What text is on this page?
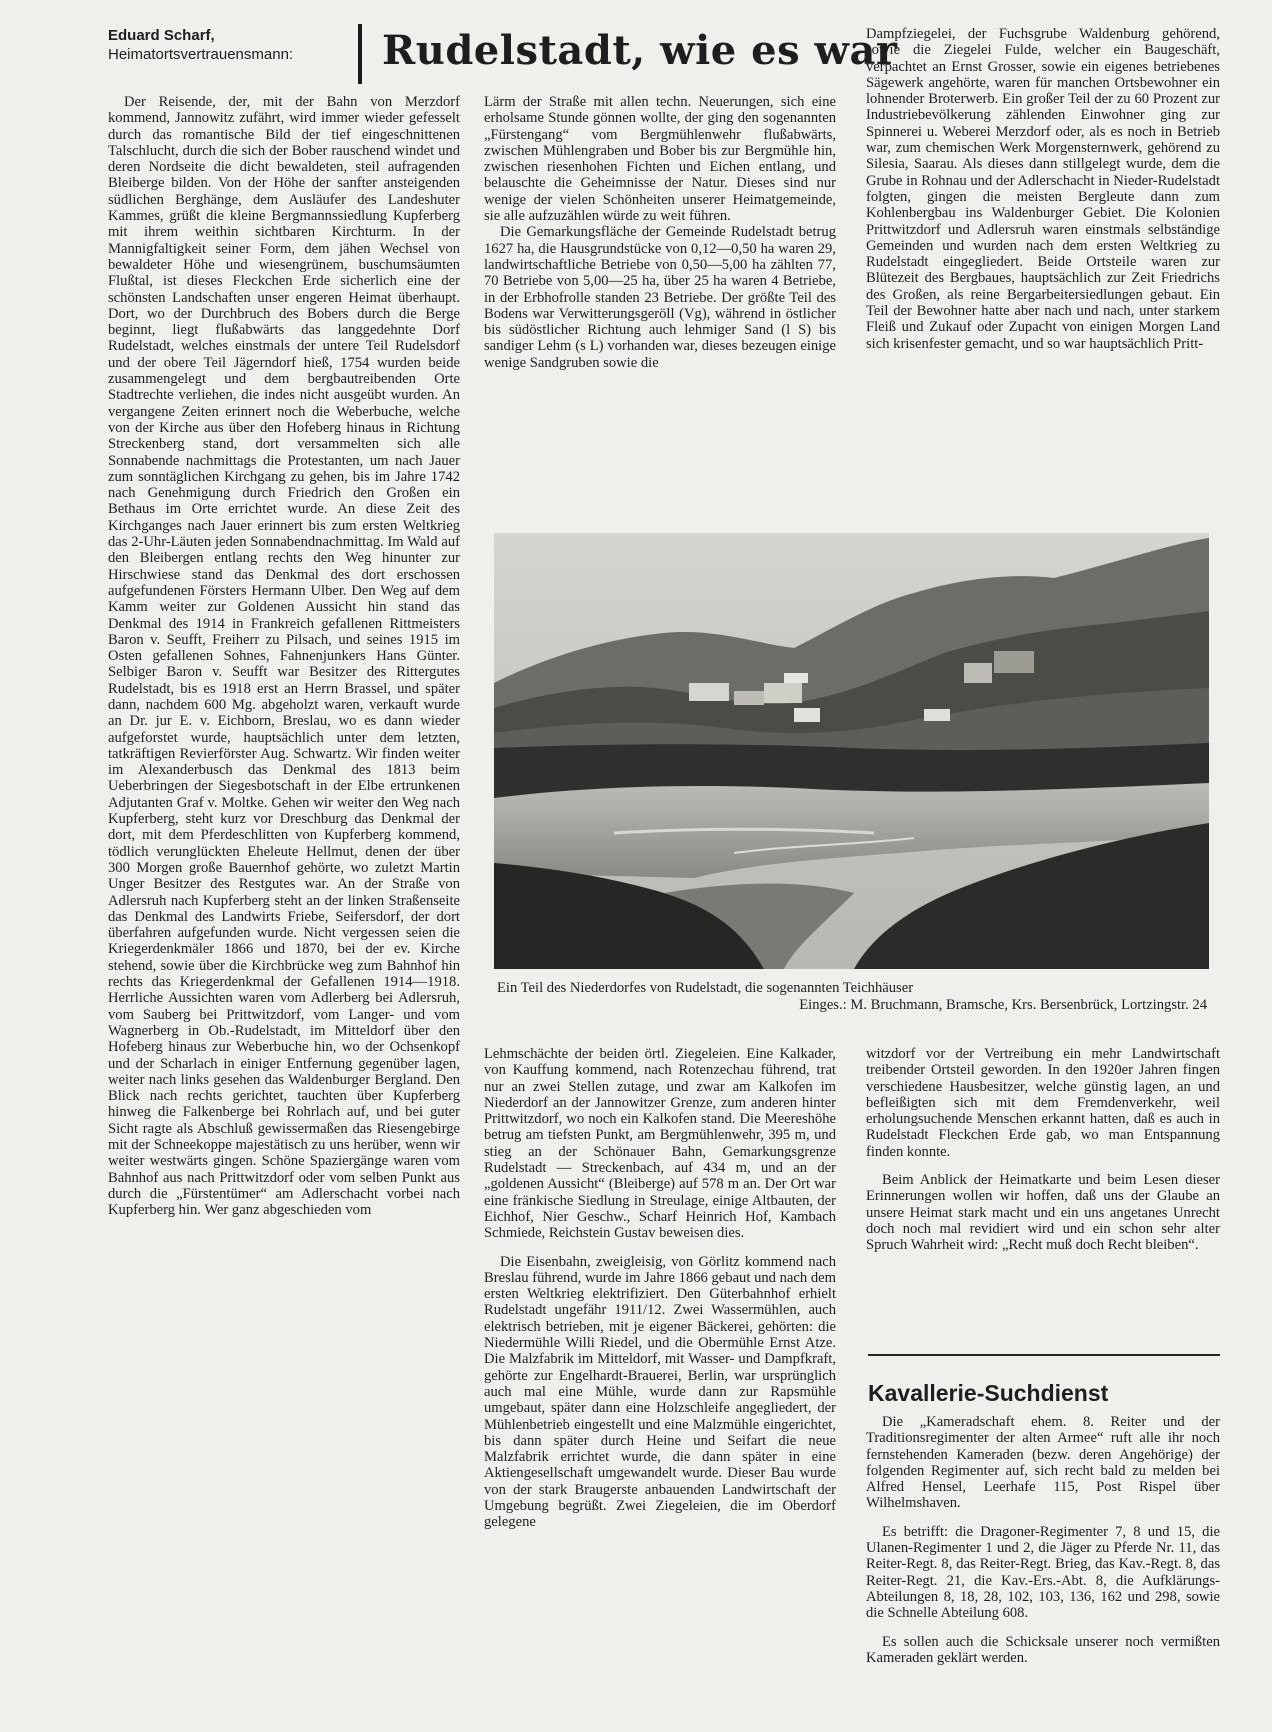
Eduard Scharf,
Heimatortsvertrauensmann:	Rudelstadt, wie es war

Der Reisende, der, mit der Bahn von Merzdorf kommend, Jannowitz zufährt, wird immer wieder gefesselt durch das romantische Bild der tief eingeschnittenen Talschlucht, durch die sich der Bober rauschend windet und deren Nordseite die dicht bewaldeten, steil aufragenden Bleiberge bilden. Von der Höhe der sanfter ansteigenden südlichen Berghänge, dem Ausläufer des Landeshuter Kammes, grüßt die kleine Bergmannssiedlung Kupferberg mit ihrem weithin sichtbaren Kirchturm. In der Mannigfaltigkeit seiner Form, dem jähen Wechsel von bewaldeter Höhe und wiesengrünem, buschumsäumten Flußtal, ist dieses Fleckchen Erde sicherlich eine der schönsten Landschaften unser engeren Heimat überhaupt. Dort, wo der Durchbruch des Bobers durch die Berge beginnt, liegt flußabwärts das langgedehnte Dorf Rudelstadt, welches einstmals der untere Teil Rudelsdorf und der obere Teil Jägerndorf hieß, 1754 wurden beide zusammengelegt und dem bergbautreibenden Orte Stadtrechte verliehen, die indes nicht ausgeübt wurden. An vergangene Zeiten erinnert noch die Weberbuche, welche von der Kirche aus über den Hofeberg hinaus in Richtung Streckenberg stand, dort versammelten sich alle Sonnabende nachmittags die Protestanten, um nach Jauer zum sonntäglichen Kirchgang zu gehen, bis im Jahre 1742 nach Genehmigung durch Friedrich den Großen ein Bethaus im Orte errichtet wurde. An diese Zeit des Kirchganges nach Jauer erinnert bis zum ersten Weltkrieg das 2-Uhr-Läuten jeden Sonnabendnachmittag. Im Wald auf den Bleibergen entlang rechts den Weg hinunter zur Hirschwiese stand das Denkmal des dort erschossen aufgefundenen Försters Hermann Ulber. Den Weg auf dem Kamm weiter zur Goldenen Aussicht hin stand das Denkmal des 1914 in Frankreich gefallenen Rittmeisters Baron v. Seufft, Freiherr zu Pilsach, und seines 1915 im Osten gefallenen Sohnes, Fahnenjunkers Hans Günter. Selbiger Baron v. Seufft war Besitzer des Rittergutes Rudelstadt, bis es 1918 erst an Herrn Brassel, und später dann, nachdem 600 Mg. abgeholzt waren, verkauft wurde an Dr. jur E. v. Eichborn, Breslau, wo es dann wieder aufgeforstet wurde, hauptsächlich unter dem letzten, tatkräftigen Revierförster Aug. Schwartz. Wir finden weiter im Alexanderbusch das Denkmal des 1813 beim Ueberbringen der Siegesbotschaft in der Elbe ertrunkenen Adjutanten Graf v. Moltke. Gehen wir weiter den Weg nach Kupferberg, steht kurz vor Dreschburg das Denkmal der dort, mit dem Pferdeschlitten von Kupferberg kommend, tödlich verunglückten Eheleute Hellmut, denen der über 300 Morgen große Bauernhof gehörte, wo zuletzt Martin Unger Besitzer des Restgutes war. An der Straße von Adlersruh nach Kupferberg steht an der linken Straßenseite das Denkmal des Landwirts Friebe, Seifersdorf, der dort überfahren aufgefunden wurde. Nicht vergessen seien die Kriegerdenkmäler 1866 und 1870, bei der ev. Kirche stehend, sowie über die Kirchbrücke weg zum Bahnhof hin rechts das Kriegerdenkmal der Gefallenen 1914—1918. Herrliche Aussichten waren vom Adlerberg bei Adlersruh, vom Sauberg bei Prittwitzdorf, vom Langer- und vom Wagnerberg in Ob.-Rudelstadt, im Mitteldorf über den Hofeberg hinaus zur Weberbuche hin, wo der Ochsenkopf und der Scharlach in einiger Entfernung gegenüber lagen, weiter nach links gesehen das Waldenburger Bergland. Den Blick nach rechts gerichtet, tauchten über Kupferberg hinweg die Falkenberge bei Rohrlach auf, und bei guter Sicht ragte als Abschluß gewissermaßen das Riesengebirge mit der Schneekoppe majestätisch zu uns herüber, wenn wir weiter westwärts gingen. Schöne Spaziergänge waren vom Bahnhof aus nach Prittwitzdorf oder vom selben Punkt aus durch die „Fürstentümer“ am Adlerschacht vorbei nach Kupferberg hin. Wer ganz abgeschieden vom

Lärm der Straße mit allen techn. Neuerungen, sich eine erholsame Stunde gönnen wollte, der ging den sogenannten „Fürstengang“ vom Bergmühlenwehr flußabwärts, zwischen Mühlengraben und Bober bis zur Bergmühle hin, zwischen riesenhohen Fichten und Eichen entlang, und belauschte die Geheimnisse der Natur. Dieses sind nur wenige der vielen Schönheiten unserer Heimatgemeinde, sie alle aufzuzählen würde zu weit führen.

Die Gemarkungsfläche der Gemeinde Rudelstadt betrug 1627 ha, die Hausgrundstücke von 0,12—0,50 ha waren 29, landwirtschaftliche Betriebe von 0,50—5,00 ha zählten 77, 70 Betriebe von 5,00—25 ha, über 25 ha waren 4 Betriebe, in der Erbhofrolle standen 23 Betriebe. Der größte Teil des Bodens war Verwitterungsgeröll (Vg), während in östlicher bis südöstlicher Richtung auch lehmiger Sand (l S) bis sandiger Lehm (s L) vorhanden war, dieses bezeugen einige wenige Sandgruben sowie die

Dampfziegelei, der Fuchsgrube Waldenburg gehörend, sowie die Ziegelei Fulde, welcher ein Baugeschäft, verpachtet an Ernst Grosser, sowie ein eigenes betriebenes Sägewerk angehörte, waren für manchen Ortsbewohner ein lohnender Broterwerb. Ein großer Teil der zu 60 Prozent zur Industriebevölkerung zählenden Einwohner ging zur Spinnerei u. Weberei Merzdorf oder, als es noch in Betrieb war, zum chemischen Werk Morgensternwerk, gehörend zu Silesia, Saarau. Als dieses dann stillgelegt wurde, dem die Grube in Rohnau und der Adlerschacht in Nieder-Rudelstadt folgten, gingen die meisten Bergleute dann zum Kohlenbergbau ins Waldenburger Gebiet. Die Kolonien Prittwitzdorf und Adlersruh waren einstmals selbständige Gemeinden und wurden nach dem ersten Weltkrieg zu Rudelstadt eingegliedert. Beide Ortsteile waren zur Blütezeit des Bergbaues, hauptsächlich zur Zeit Friedrichs des Großen, als reine Bergarbeitersiedlungen gebaut. Ein Teil der Bewohner hatte aber nach und nach, unter starkem Fleiß und Zukauf oder Zupacht von einigen Morgen Land sich krisenfester gemacht, und so war hauptsächlich Pritt-

Ein Teil des Niederdorfes von Rudelstadt, die sogenannten Teichhäuser
Einges.: M. Bruchmann, Bramsche, Krs. Bersenbrück, Lortzingstr. 24

Lehmschächte der beiden örtl. Ziegeleien. Eine Kalkader, von Kauffung kommend, nach Rotenzechau führend, trat nur an zwei Stellen zutage, und zwar am Kalkofen im Niederdorf an der Jannowitzer Grenze, zum anderen hinter Prittwitzdorf, wo noch ein Kalkofen stand. Die Meereshöhe betrug am tiefsten Punkt, am Bergmühlenwehr, 395 m, und stieg an der Schönauer Bahn, Gemarkungsgrenze Rudelstadt — Streckenbach, auf 434 m, und an der „goldenen Aussicht“ (Bleiberge) auf 578 m an. Der Ort war eine fränkische Siedlung in Streulage, einige Altbauten, der Eichhof, Nier Geschw., Scharf Heinrich Hof, Kambach Schmiede, Reichstein Gustav beweisen dies.

Die Eisenbahn, zweigleisig, von Görlitz kommend nach Breslau führend, wurde im Jahre 1866 gebaut und nach dem ersten Weltkrieg elektrifiziert. Den Güterbahnhof erhielt Rudelstadt ungefähr 1911/12. Zwei Wassermühlen, auch elektrisch betrieben, mit je eigener Bäckerei, gehörten: die Niedermühle Willi Riedel, und die Obermühle Ernst Atze. Die Malzfabrik im Mitteldorf, mit Wasser- und Dampfkraft, gehörte zur Engelhardt-Brauerei, Berlin, war ursprünglich auch mal eine Mühle, wurde dann zur Rapsmühle umgebaut, später dann eine Holzschleife angegliedert, der Mühlenbetrieb eingestellt und eine Malzmühle eingerichtet, bis dann später durch Heine und Seifart die neue Malzfabrik errichtet wurde, die dann später in eine Aktiengesellschaft umgewandelt wurde. Dieser Bau wurde von der stark Braugerste anbauenden Landwirtschaft der Umgebung begrüßt. Zwei Ziegeleien, die im Oberdorf gelegene

witzdorf vor der Vertreibung ein mehr Landwirtschaft treibender Ortsteil geworden. In den 1920er Jahren fingen verschiedene Hausbesitzer, welche günstig lagen, an und befleißigten sich mit dem Fremdenverkehr, weil erholungsuchende Menschen erkannt hatten, daß es auch in Rudelstadt Fleckchen Erde gab, wo man Entspannung finden konnte.

Beim Anblick der Heimatkarte und beim Lesen dieser Erinnerungen wollen wir hoffen, daß uns der Glaube an unsere Heimat stark macht und ein uns angetanes Unrecht doch noch mal revidiert wird und ein schon sehr alter Spruch Wahrheit wird: „Recht muß doch Recht bleiben“.

Kavallerie-Suchdienst

Die „Kameradschaft ehem. 8. Reiter und der Traditionsregimenter der alten Armee“ ruft alle ihr noch fernstehenden Kameraden (bezw. deren Angehörige) der folgenden Regimenter auf, sich recht bald zu melden bei Alfred Hensel, Leerhafe 115, Post Rispel über Wilhelmshaven.

Es betrifft: die Dragoner-Regimenter 7, 8 und 15, die Ulanen-Regimenter 1 und 2, die Jäger zu Pferde Nr. 11, das Reiter-Regt. 8, das Reiter-Regt. Brieg, das Kav.-Regt. 8, das Reiter-Regt. 21, die Kav.-Ers.-Abt. 8, die Aufklärungs-Abteilungen 8, 18, 28, 102, 103, 136, 162 und 298, sowie die Schnelle Abteilung 608.

Es sollen auch die Schicksale unserer noch vermißten Kameraden geklärt werden.
